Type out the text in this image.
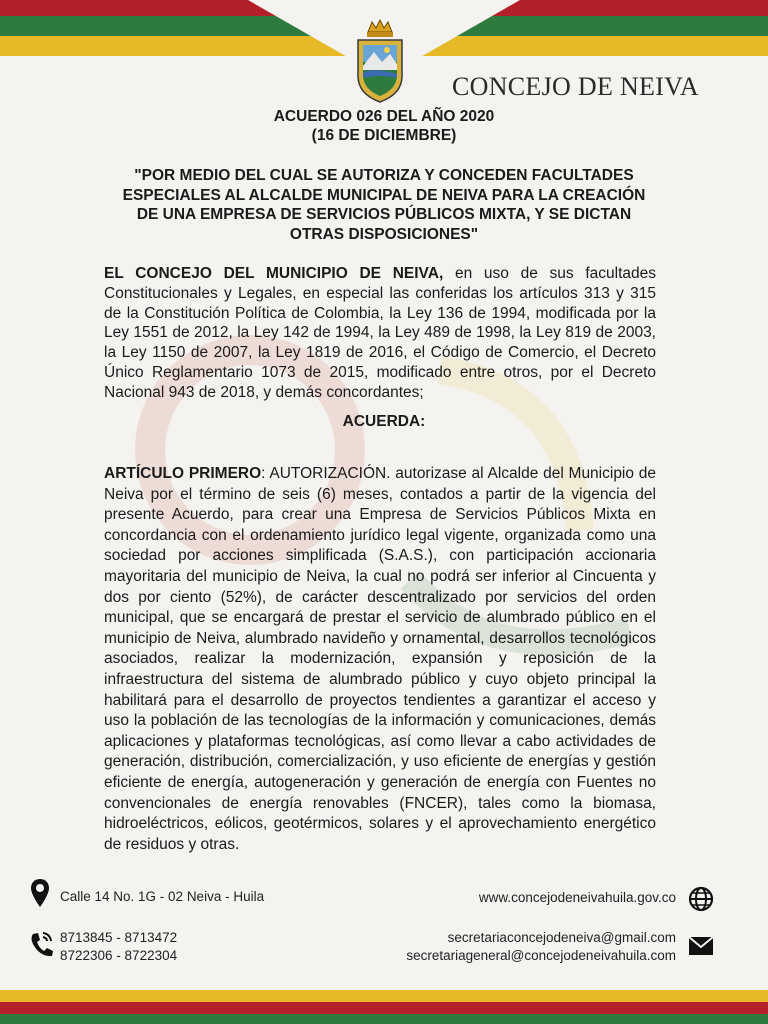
CONCEJO DE NEIVA
ACUERDO 026 DEL AÑO 2020
(16 DE DICIEMBRE)
"POR MEDIO DEL CUAL SE AUTORIZA Y CONCEDEN FACULTADES ESPECIALES AL ALCALDE MUNICIPAL DE NEIVA PARA LA CREACIÓN DE UNA EMPRESA DE SERVICIOS PÚBLICOS MIXTA, Y SE DICTAN OTRAS DISPOSICIONES"
EL CONCEJO DEL MUNICIPIO DE NEIVA, en uso de sus facultades Constitucionales y Legales, en especial las conferidas los artículos 313 y 315 de la Constitución Política de Colombia, la Ley 136 de 1994, modificada por la Ley 1551 de 2012, la Ley 142 de 1994, la Ley 489 de 1998, la Ley 819 de 2003, la Ley 1150 de 2007, la Ley 1819 de 2016, el Código de Comercio, el Decreto Único Reglamentario 1073 de 2015, modificado entre otros, por el Decreto Nacional 943 de 2018, y demás concordantes;
ACUERDA:
ARTÍCULO PRIMERO: AUTORIZACIÓN. autorizase al Alcalde del Municipio de Neiva por el término de seis (6) meses, contados a partir de la vigencia del presente Acuerdo, para crear una Empresa de Servicios Públicos Mixta en concordancia con el ordenamiento jurídico legal vigente, organizada como una sociedad por acciones simplificada (S.A.S.), con participación accionaria mayoritaria del municipio de Neiva, la cual no podrá ser inferior al Cincuenta y dos por ciento (52%), de carácter descentralizado por servicios del orden municipal, que se encargará de prestar el servicio de alumbrado público en el municipio de Neiva, alumbrado navideño y ornamental, desarrollos tecnológicos asociados, realizar la modernización, expansión y reposición de la infraestructura del sistema de alumbrado público y cuyo objeto principal la habilitará para el desarrollo de proyectos tendientes a garantizar el acceso y uso la población de las tecnologías de la información y comunicaciones, demás aplicaciones y plataformas tecnológicas, así como llevar a cabo actividades de generación, distribución, comercialización, y uso eficiente de energías y gestión eficiente de energía, autogeneración y generación de energía con Fuentes no convencionales de energía renovables (FNCER), tales como la biomasa, hidroeléctricos, eólicos, geotérmicos, solares y el aprovechamiento energético de residuos y otras.
Calle 14 No. 1G - 02 Neiva - Huila
8713845 - 8713472
8722306 - 8722304
www.concejodeneivahuila.gov.co
secretariaconcejodeneiva@gmail.com
secretariageneral@concejodeneivahuila.com
